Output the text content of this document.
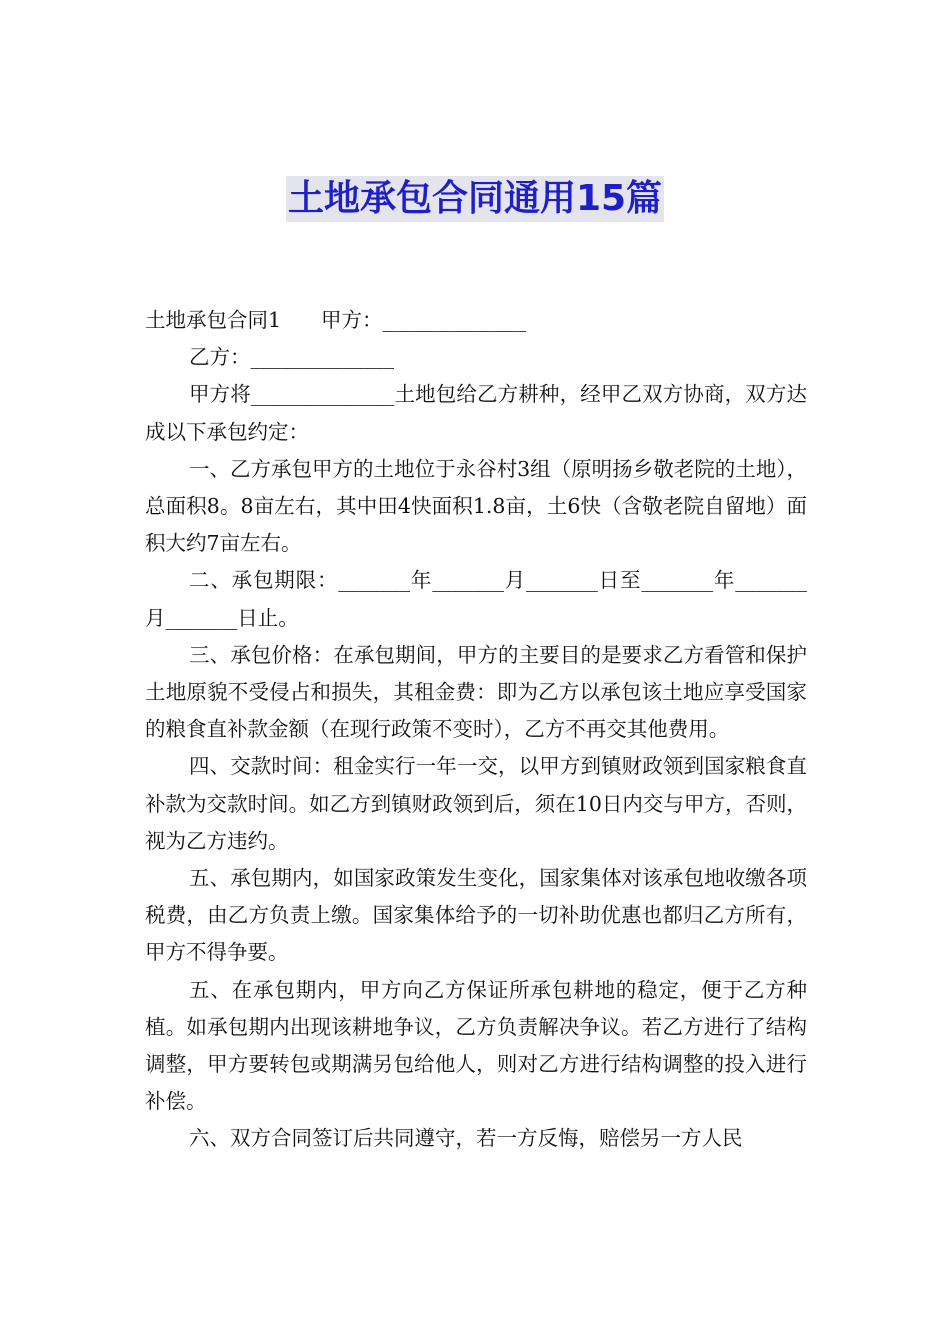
土地承包合同通用15篇

土地承包合同1 甲方：______________

乙方：______________

甲方将______________土地包给乙方耕种，经甲乙双方协商，双方达成以下承包约定：

一、乙方承包甲方的土地位于永谷村3组（原明扬乡敬老院的土地），总面积8。8亩左右，其中田4快面积1.8亩，土6快（含敬老院自留地）面积大约7亩左右。

二、承包期限：_______年_______月_______日至_______年_______月_______日止。

三、承包价格：在承包期间，甲方的主要目的是要求乙方看管和保护土地原貌不受侵占和损失，其租金费：即为乙方以承包该土地应享受国家的粮食直补款金额（在现行政策不变时），乙方不再交其他费用。

四、交款时间：租金实行一年一交，以甲方到镇财政领到国家粮食直补款为交款时间。如乙方到镇财政领到后，须在10日内交与甲方，否则，视为乙方违约。

五、承包期内，如国家政策发生变化，国家集体对该承包地收缴各项税费，由乙方负责上缴。国家集体给予的一切补助优惠也都归乙方所有，甲方不得争要。

五、在承包期内，甲方向乙方保证所承包耕地的稳定，便于乙方种植。如承包期内出现该耕地争议，乙方负责解决争议。若乙方进行了结构调整，甲方要转包或期满另包给他人，则对乙方进行结构调整的投入进行补偿。

六、双方合同签订后共同遵守，若一方反悔，赔偿另一方人民
